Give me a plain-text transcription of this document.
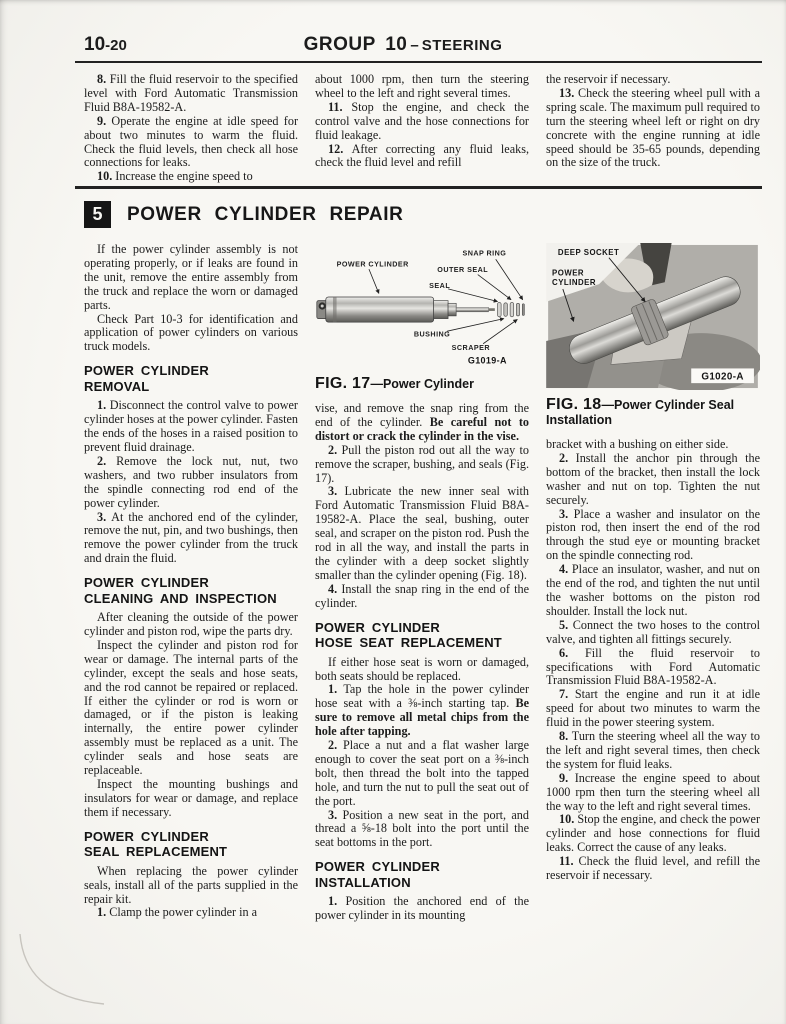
10-20	GROUP 10 – STEERING

8. Fill the fluid reservoir to the specified level with Ford Automatic Transmission Fluid B8A-19582-A.

9. Operate the engine at idle speed for about two minutes to warm the fluid. Check the fluid levels, then check all hose connections for leaks.

10. Increase the engine speed to

about 1000 rpm, then turn the steering wheel to the left and right several times.

11. Stop the engine, and check the control valve and the hose connections for fluid leakage.

12. After correcting any fluid leaks, check the fluid level and refill

the reservoir if necessary.

13. Check the steering wheel pull with a spring scale. The maximum pull required to turn the steering wheel left or right on dry concrete with the engine running at idle speed should be 35-65 pounds, depending on the size of the truck.

5	POWER CYLINDER REPAIR

If the power cylinder assembly is not operating properly, or if leaks are found in the unit, remove the entire assembly from the truck and replace the worn or damaged parts.

Check Part 10-3 for identification and application of power cylinders on various truck models.

POWER CYLINDER
REMOVAL

1. Disconnect the control valve to power cylinder hoses at the power cylinder. Fasten the ends of the hoses in a raised position to prevent fluid drainage.

2. Remove the lock nut, nut, two washers, and two rubber insulators from the spindle connecting rod end of the power cylinder.

3. At the anchored end of the cylinder, remove the nut, pin, and two bushings, then remove the power cylinder from the truck and drain the fluid.

POWER CYLINDER
CLEANING AND INSPECTION

After cleaning the outside of the power cylinder and piston rod, wipe the parts dry.

Inspect the cylinder and piston rod for wear or damage. The internal parts of the cylinder, except the seals and hose seats, and the rod cannot be repaired or replaced. If either the cylinder or rod is worn or damaged, or if the piston is leaking internally, the entire power cylinder assembly must be replaced as a unit. The cylinder seals and hose seats are replaceable.

Inspect the mounting bushings and insulators for wear or damage, and replace them if necessary.

POWER CYLINDER
SEAL REPLACEMENT

When replacing the power cylinder seals, install all of the parts supplied in the repair kit.

1. Clamp the power cylinder in a

POWER CYLINDER
SNAP RING
OUTER SEAL
SEAL
BUSHING
SCRAPER
G1019-A
FIG. 17—Power Cylinder

vise, and remove the snap ring from the end of the cylinder. Be careful not to distort or crack the cylinder in the vise.

2. Pull the piston rod out all the way to remove the scraper, bushing, and seals (Fig. 17).

3. Lubricate the new inner seal with Ford Automatic Transmission Fluid B8A-19582-A. Place the seal, bushing, outer seal, and scraper on the piston rod. Push the rod in all the way, and install the parts in the cylinder with a deep socket slightly smaller than the cylinder opening (Fig. 18).

4. Install the snap ring in the end of the cylinder.

POWER CYLINDER
HOSE SEAT REPLACEMENT

If either hose seat is worn or damaged, both seats should be replaced.

1. Tap the hole in the power cylinder hose seat with a ⅜-inch starting tap. Be sure to remove all metal chips from the hole after tapping.

2. Place a nut and a flat washer large enough to cover the seat port on a ⅜-inch bolt, then thread the bolt into the tapped hole, and turn the nut to pull the seat out of the port.

3. Position a new seat in the port, and thread a ⅝-18 bolt into the port until the seat bottoms in the port.

POWER CYLINDER
INSTALLATION

1. Position the anchored end of the power cylinder in its mounting

DEEP SOCKET
POWER
CYLINDER
G1020-A
FIG. 18—Power Cylinder Seal
Installation

bracket with a bushing on either side.

2. Install the anchor pin through the bottom of the bracket, then install the lock washer and nut on top. Tighten the nut securely.

3. Place a washer and insulator on the piston rod, then insert the end of the rod through the stud eye or mounting bracket on the spindle connecting rod.

4. Place an insulator, washer, and nut on the end of the rod, and tighten the nut until the washer bottoms on the piston rod shoulder. Install the lock nut.

5. Connect the two hoses to the control valve, and tighten all fittings securely.

6. Fill the fluid reservoir to specifications with Ford Automatic Transmission Fluid B8A-19582-A.

7. Start the engine and run it at idle speed for about two minutes to warm the fluid in the power steering system.

8. Turn the steering wheel all the way to the left and right several times, then check the system for fluid leaks.

9. Increase the engine speed to about 1000 rpm then turn the steering wheel all the way to the left and right several times.

10. Stop the engine, and check the power cylinder and hose connections for fluid leaks. Correct the cause of any leaks.

11. Check the fluid level, and refill the reservoir if necessary.
